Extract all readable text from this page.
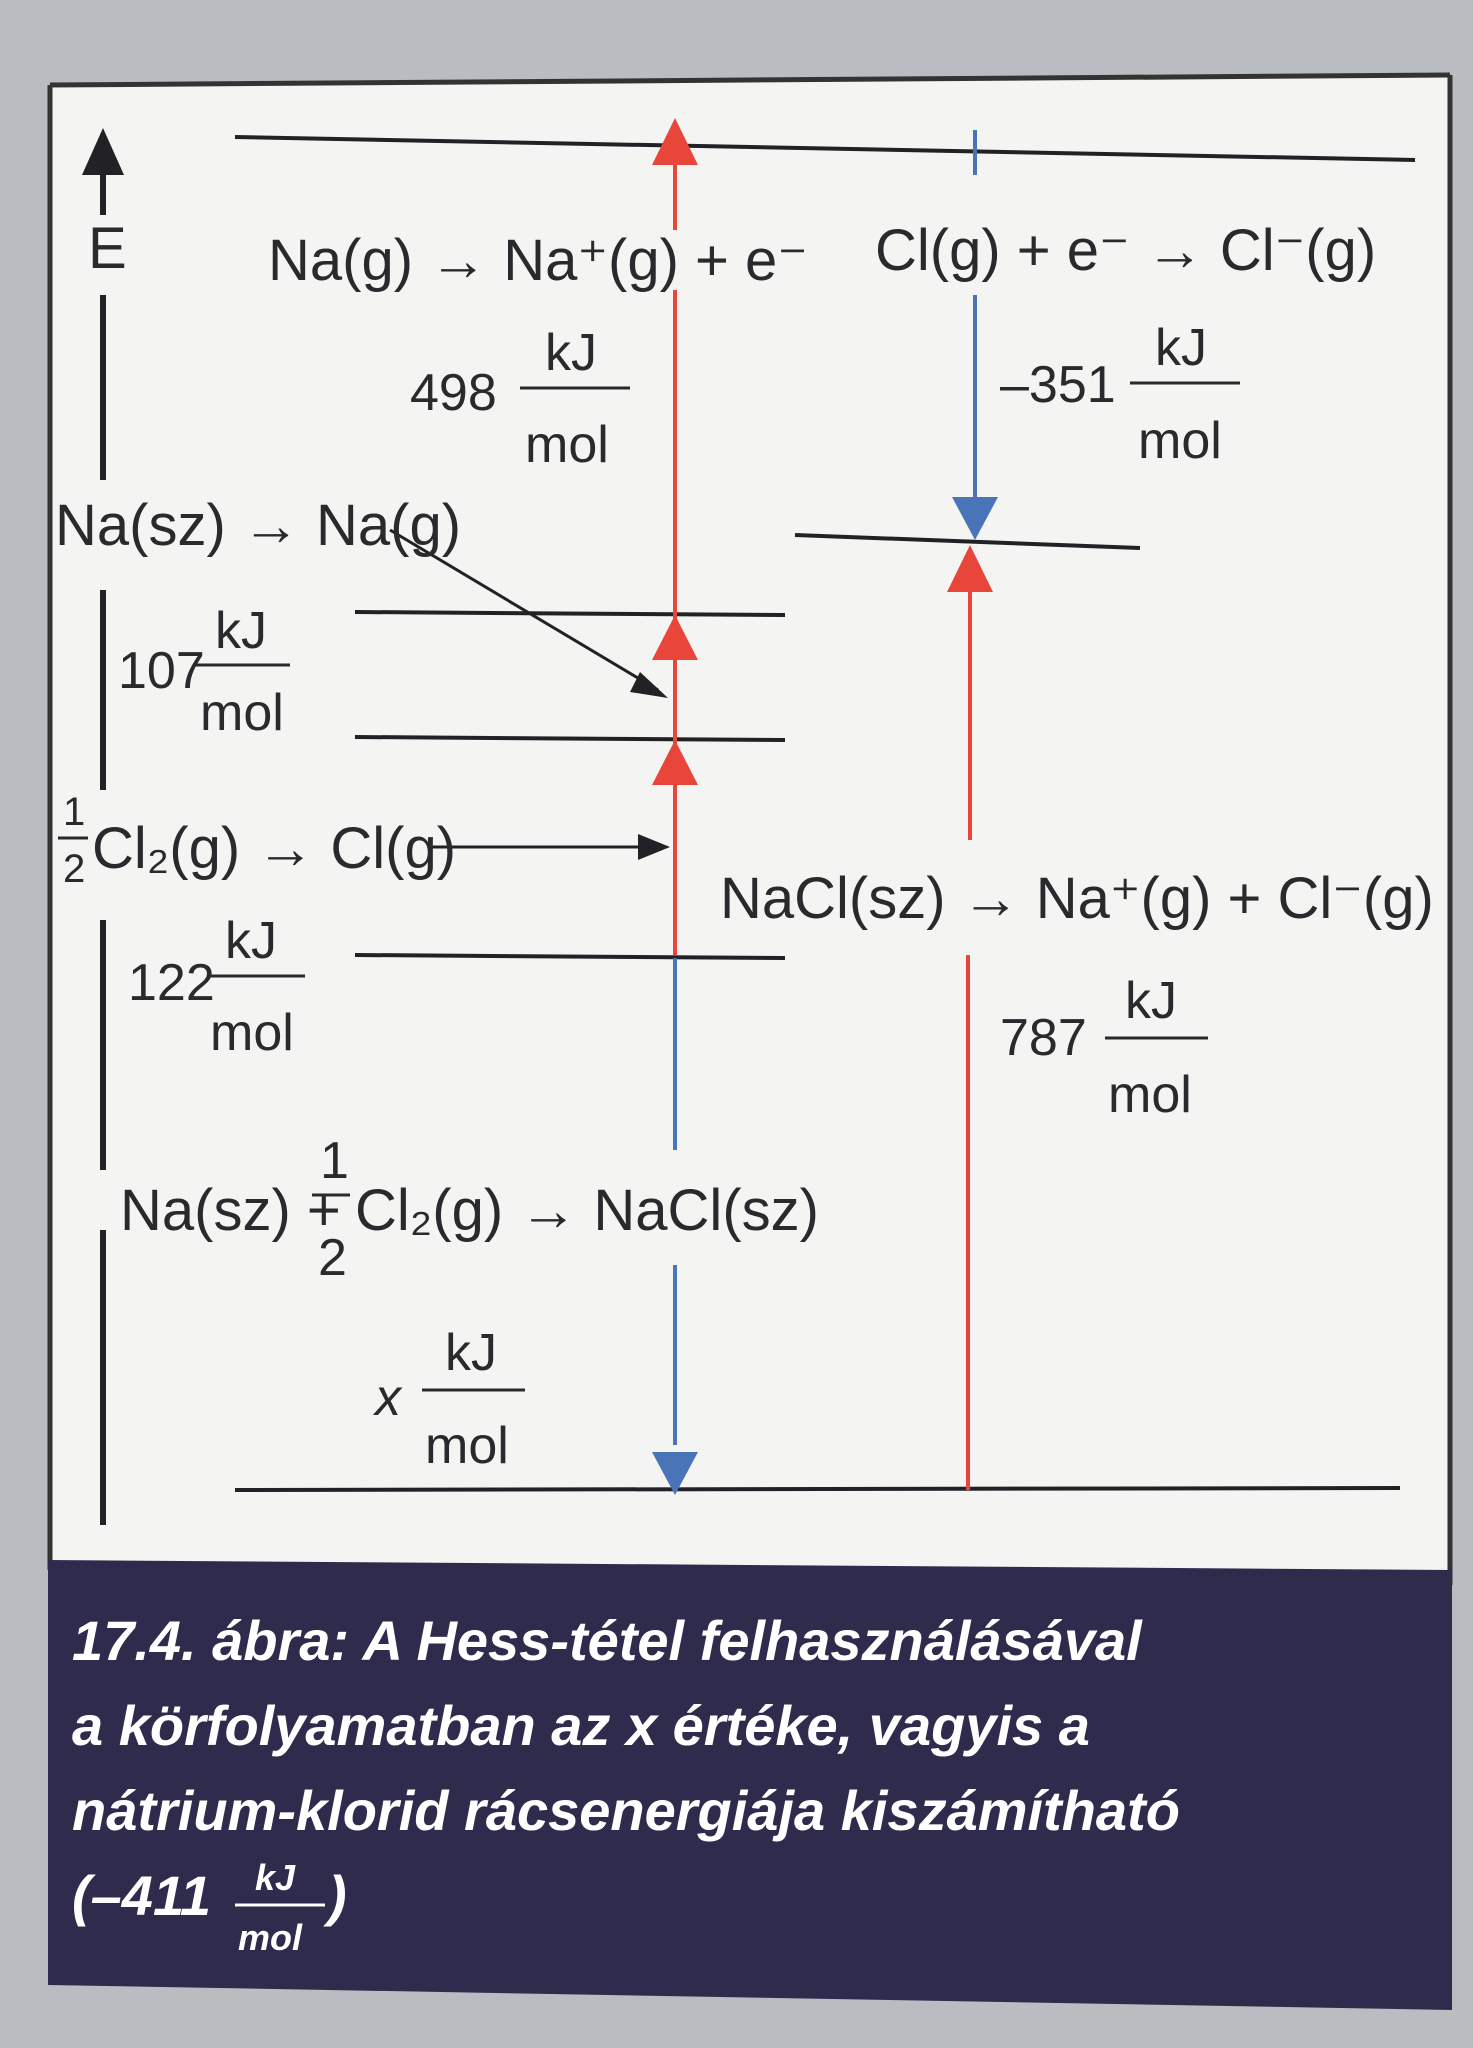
E Na(g) → Na⁺(g) + e⁻
498
kJ
mol
Cl(g) + e⁻ → Cl⁻(g)
–351
kJ
mol
Na(sz) → Na(g)
107
kJ
mol
1
2 Cl₂(g) → Cl(g)
122
kJ
mol
NaCl(sz) → Na⁺(g) + Cl⁻(g)
787
kJ
mol
Na(sz) +
1
2
Cl₂(g) → NaCl(sz)
x
kJ
mol
17.4. ábra: A Hess-tétel felhasználásával
a körfolyamatban az x értéke, vagyis a
nátrium-klorid rácsenergiája kiszámítható
(–411 kJ
mol
)
